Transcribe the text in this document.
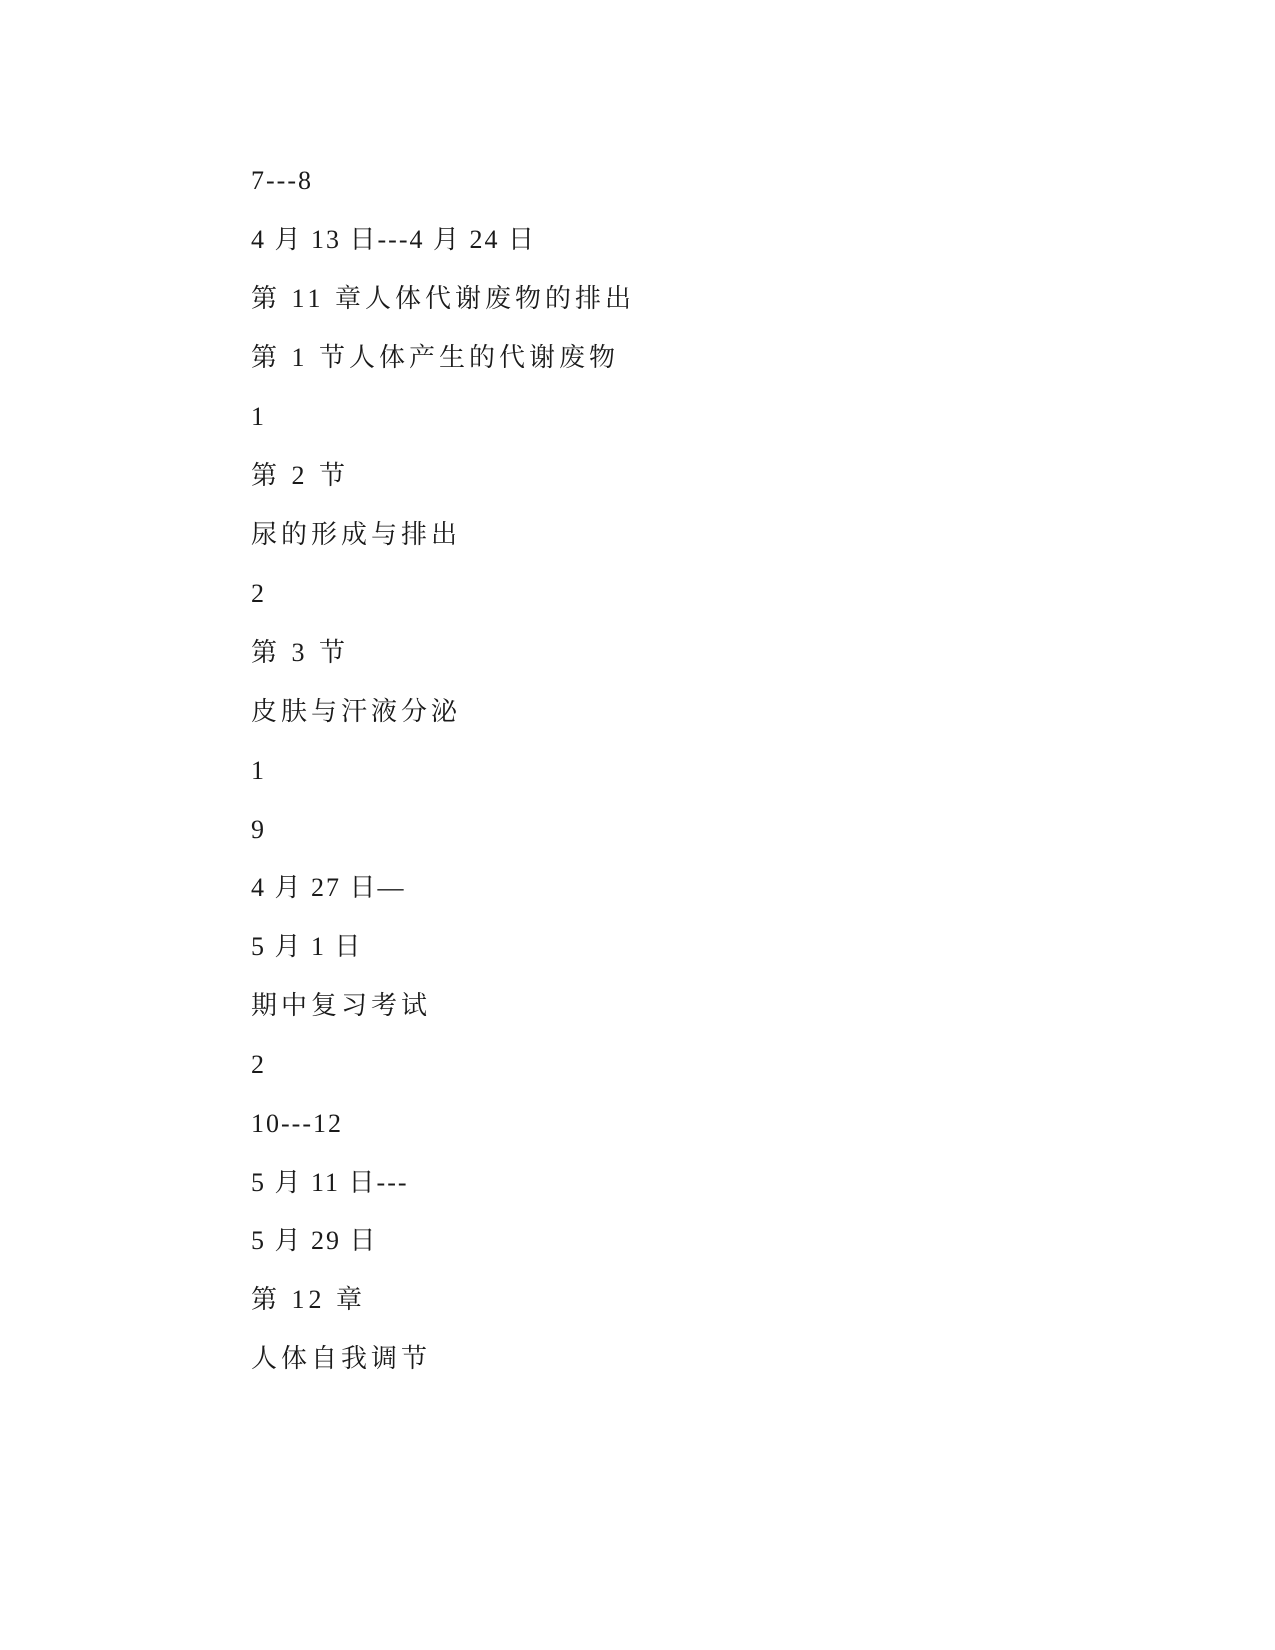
7---8

4 月 13 日---4 月 24 日

第 11 章人体代谢废物的排出

第 1 节人体产生的代谢废物

1

第 2 节

尿的形成与排出

2

第 3 节

皮肤与汗液分泌

1

9

4 月 27 日—

5 月 1 日

期中复习考试

2

10---12

5 月 11 日---

5 月 29 日

第 12 章

人体自我调节
